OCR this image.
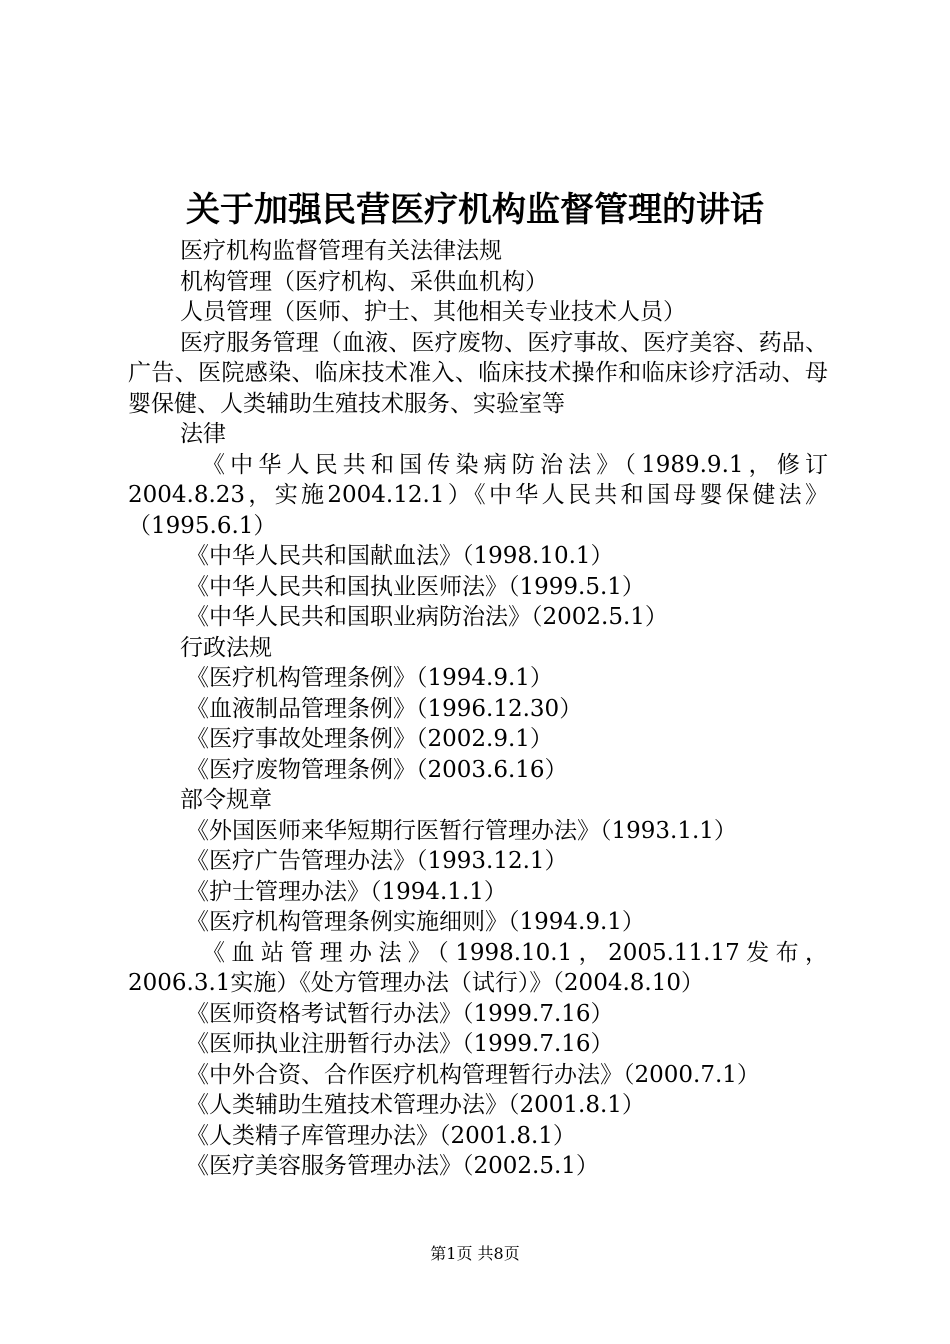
关于加强民营医疗机构监督管理的讲话

医疗机构监督管理有关法律法规

机构管理（医疗机构、采供血机构）

人员管理（医师、护士、其他相关专业技术人员）

医疗服务管理（血液、医疗废物、医疗事故、医疗美容、药品、广告、医院感染、临床技术准入、临床技术操作和临床诊疗活动、母婴保健、人类辅助生殖技术服务、实验室等

法律

《中华人民共和国传染病防治法》（1989.9.1，修订2004.8.23，实施2004.12.1）《中华人民共和国母婴保健法》（1995.6.1）

《中华人民共和国献血法》（1998.10.1）

《中华人民共和国执业医师法》（1999.5.1）

《中华人民共和国职业病防治法》（2002.5.1）

行政法规

《医疗机构管理条例》（1994.9.1）

《血液制品管理条例》（1996.12.30）

《医疗事故处理条例》（2002.9.1）

《医疗废物管理条例》（2003.6.16）

部令规章

《外国医师来华短期行医暂行管理办法》（1993.1.1）

《医疗广告管理办法》（1993.12.1）

《护士管理办法》（1994.1.1）

《医疗机构管理条例实施细则》（1994.9.1）

《血站管理办法》（1998.10.1，2005.11.17发布，2006.3.1实施）《处方管理办法（试行）》（2004.8.10）

《医师资格考试暂行办法》（1999.7.16）

《医师执业注册暂行办法》（1999.7.16）

《中外合资、合作医疗机构管理暂行办法》（2000.7.1）

《人类辅助生殖技术管理办法》（2001.8.1）

《人类精子库管理办法》（2001.8.1）

《医疗美容服务管理办法》（2002.5.1）

第1页 共8页
